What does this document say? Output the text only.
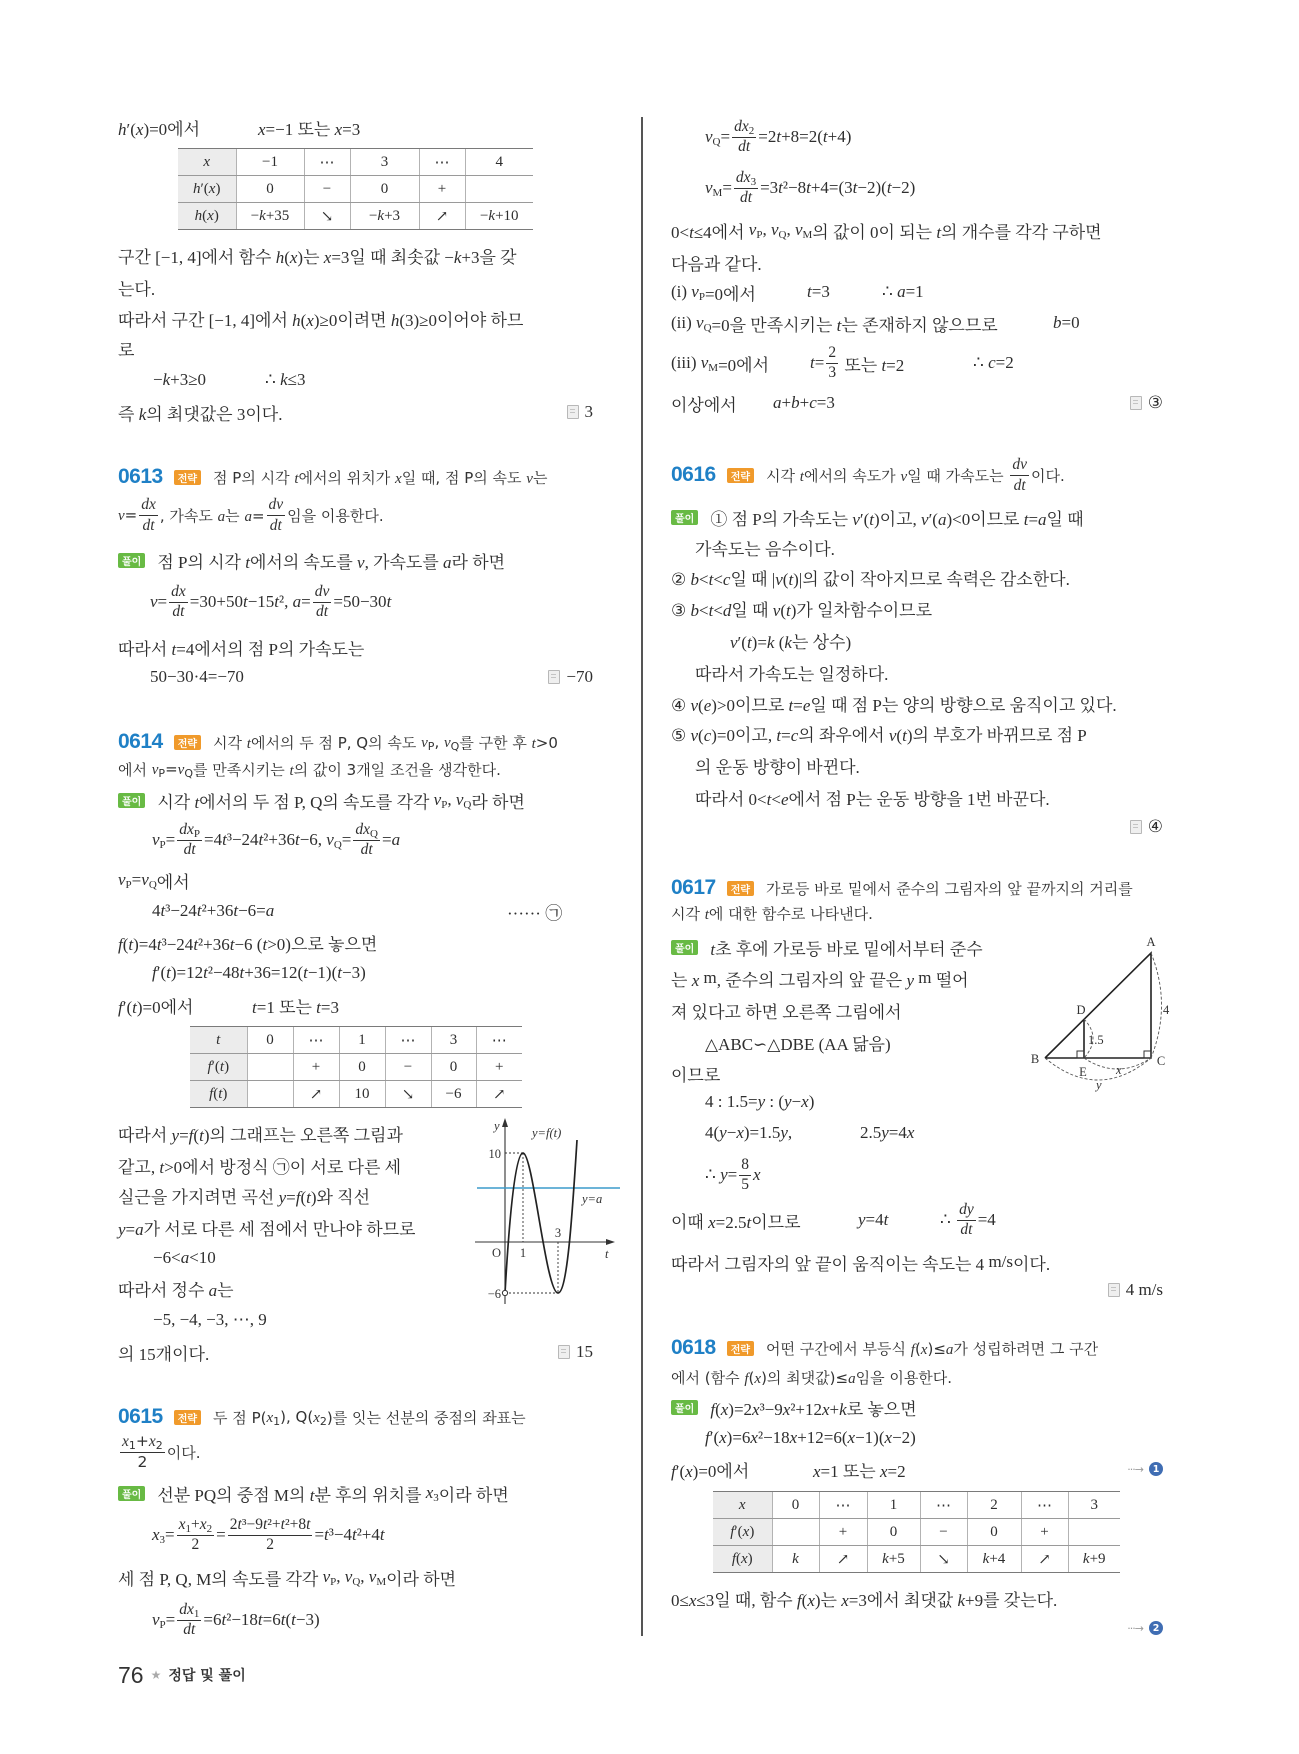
h′(x)=0에서	x=−1 또는 x=3
x	−1	⋯	3	⋯	4
h′(x)	0	−	0	+	
h(x)	−k+35	↘	−k+3	↗	−k+10
구간 [−1, 4]에서 함수 h(x)는 x=3일 때 최솟값 −k+3을 갖
는다.
따라서 구간 [−1, 4]에서 h(x)≥0이려면 h(3)≥0이어야 하므
로
−k+3≥0	∴ k≤3
즉 k의 최댓값은 3이다.	3
0613	전략 점 P의 시각 t에서의 위치가 x일 때, 점 P의 속도 v는
$v= \frac{dx}{dt}$ , 가속도 a는 $a= \frac{dv}{dt}$ 임을 이용한다.
풀이 점 P의 시각 t에서의 속도를 v, 가속도를 a라 하면
$v= \frac{dx}{dt} =30+50t-15t^2$, $a= \frac{dv}{dt} =50-30t$
따라서 t=4에서의 점 P의 가속도는
50−30·4=−70	−70
0614	전략 시각 t에서의 두 점 P, Q의 속도 $v_P$ , $v_Q$ 를 구한 후 t>0
에서 $v_P = v_Q$ 를 만족시키는 t의 값이 3개일 조건을 생각한다.
풀이 시각 t에서의 두 점 P, Q의 속도를 각각 $v_P$ , $v_Q$ 라 하면
$v_P = \frac{dx_P}{dt} =4t^3-24t^2+36t-6$, $v_Q = \frac{dx_Q}{dt} =a$
$v_P = v_Q$ 에서
4t³−24t²+36t−6=a	······ ㉠
f(t)=4t³−24t²+36t−6 (t>0)으로 놓으면
f′(t)=12t²−48t+36=12(t−1)(t−3)
f′(t)=0에서	t=1 또는 t=3
t	0	⋯	1	⋯	3	⋯
f′(t)		+	0	−	0	+
f(t)		↗	10	↘	−6	↗
따라서 y=f(t)의 그래프는 오른쪽 그림과
같고, t>0에서 방정식 ㉠이 서로 다른 세
실근을 가지려면 곡선 y=f(t)와 직선
y=a가 서로 다른 세 점에서 만나야 하므로
−6<a<10
따라서 정수 a는
−5, −4, −3, ⋯, 9
의 15개이다.	15
y	y=f(t)
10
y=a
O 1
3
t
−6
0615	전략 두 점 P( $x_1$ ), Q( $x_2$ )를 잇는 선분의 중점의 좌표는
$\frac{x_1 + x_2}{2}$ 이다.
풀이 선분 PQ의 중점 M의 t분 후의 위치를 $x_3$ 이라 하면
$x_3 = \frac{x_1 + x_2}{2} = \frac{\text{2t³−9t²+t²+8t}}{2} =t^3-4t^2+4t$
세 점 P, Q, M의 속도를 각각 $v_P$ , $v_Q$ , $v_M$ 이라 하면
$v_P = \frac{dx_1}{dt} =6t^2-18t=6t(t-3)$
$v_Q = \frac{dx_2}{dt} =2t+8=2(t+4)$
$v_M = \frac{dx_3}{dt} =3t^2-8t+4=(3t-2)(t-2)$
0<t≤4에서 $v_P$ , $v_Q$ , $v_M$ 의 값이 0이 되는 t의 개수를 각각 구하면
다음과 같다.
(i) $v_P =0$에서	t=3	∴ a=1
(ii) $v_Q =0$을 만족시키는 t는 존재하지 않으므로	b=0
(iii) $v_M =0$에서 $t= \frac{2}{3}$ 또는 t=2	∴ c=2
이상에서 a+b+c=3	③
0616	전략 시각 t에서의 속도가 v일 때 가속도는 $\frac{dv}{dt}$ 이다.
풀이 ① 점 P의 가속도는 v′(t)이고, v′(a)<0이므로 t=a일 때
가속도는 음수이다.
② b<t<c일 때 |v(t)|의 값이 작아지므로 속력은 감소한다.
③ b<t<d일 때 v(t)가 일차함수이므로
v′(t)=k (k는 상수)
따라서 가속도는 일정하다.
④ v(e)>0이므로 t=e일 때 점 P는 양의 방향으로 움직이고 있다.
⑤ v(c)=0이고, t=c의 좌우에서 v(t)의 부호가 바뀌므로 점 P
의 운동 방향이 바뀐다.
따라서 0<t<e에서 점 P는 운동 방향을 1번 바꾼다.
④
0617	전략 가로등 바로 밑에서 준수의 그림자의 앞 끝까지의 거리를
시각 t에 대한 함수로 나타낸다.
풀이 t초 후에 가로등 바로 밑에서부터 준수
는 x m , 준수의 그림자의 앞 끝은 y m 떨어
져 있다고 하면 오른쪽 그림에서
△ABC∽△DBE (AA 닮음)
이므로
4 : 1.5=y : (y−x)
4(y−x)=1.5y,	2.5y=4x
∴ $y= \frac{8}{5}$ x
이때 x=2.5t이므로	y=4t	∴ $\frac{dy}{dt} =4$
따라서 그림자의 앞 끝이 움직이는 속도는 4 m/s 이다.
4 m/s
A
B	C
D
E
4
1.5
x
y
0618	전략 어떤 구간에서 부등식 f(x)≤a가 성립하려면 그 구간
에서 (함수 f(x)의 최댓값)≤a임을 이용한다.
풀이 f(x)=2x³−9x²+12x+k로 놓으면
f′(x)=6x²−18x+12=6(x−1)(x−2)
f′(x)=0에서	x=1 또는 x=2	···→	1
x	0	⋯	1	⋯	2	⋯	3
f′(x)		+	0	−	0	+	
f(x)	k	↗	k+5	↘	k+4	↗	k+9
0≤x≤3일 때, 함수 f(x)는 x=3에서 최댓값 k+9를 갖는다.
···→	2
76 ★ 정답 및 풀이
